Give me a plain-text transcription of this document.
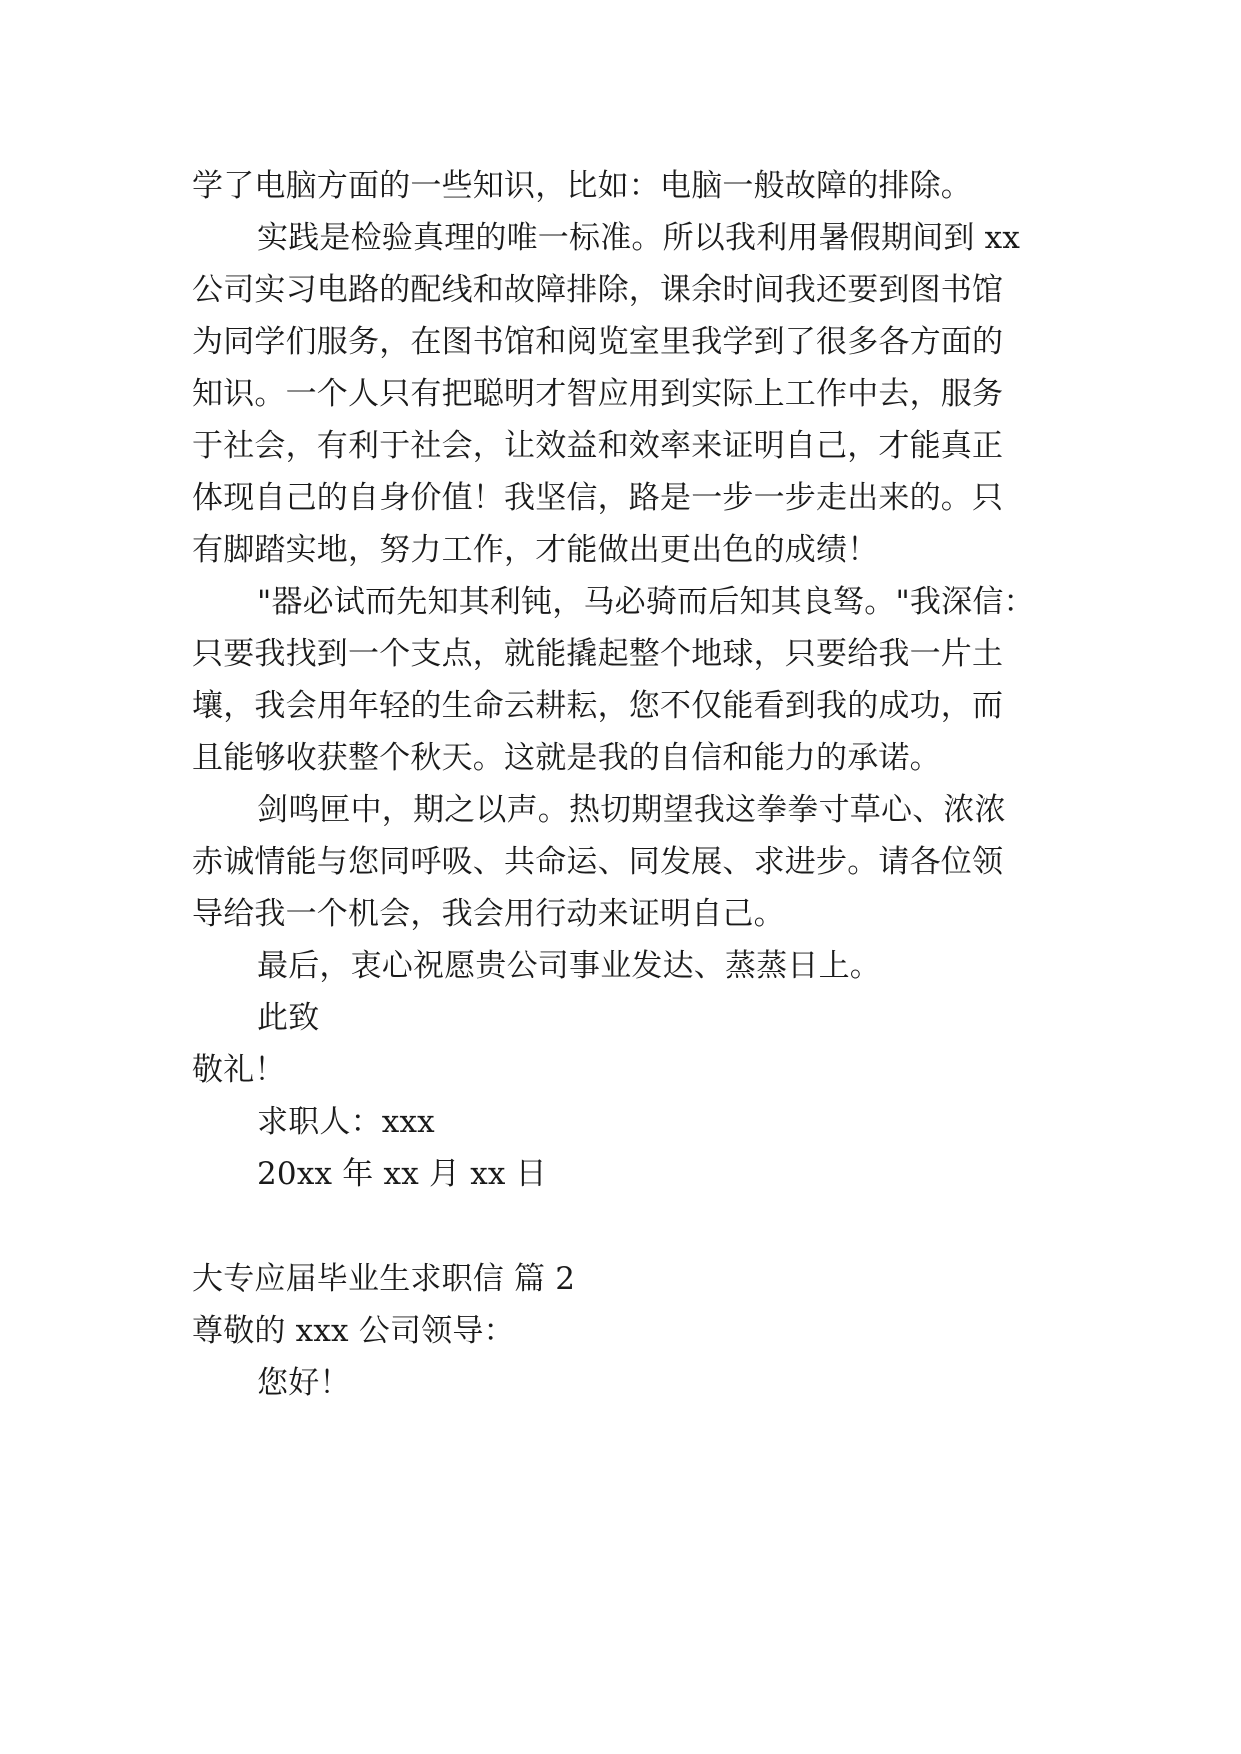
学了电脑方面的一些知识，比如：电脑一般故障的排除。
实践是检验真理的唯一标准。所以我利用暑假期间到 xx
公司实习电路的配线和故障排除，课余时间我还要到图书馆
为同学们服务，在图书馆和阅览室里我学到了很多各方面的
知识。一个人只有把聪明才智应用到实际上工作中去，服务
于社会，有利于社会，让效益和效率来证明自己，才能真正
体现自己的自身价值！我坚信，路是一步一步走出来的。只
有脚踏实地，努力工作，才能做出更出色的成绩！
"器必试而先知其利钝，马必骑而后知其良驽。"我深信：
只要我找到一个支点，就能撬起整个地球，只要给我一片土
壤，我会用年轻的生命云耕耘，您不仅能看到我的成功，而
且能够收获整个秋天。这就是我的自信和能力的承诺。
剑鸣匣中，期之以声。热切期望我这拳拳寸草心、浓浓
赤诚情能与您同呼吸、共命运、同发展、求进步。请各位领
导给我一个机会，我会用行动来证明自己。
最后，衷心祝愿贵公司事业发达、蒸蒸日上。
此致
敬礼！
求职人：xxx
20xx 年 xx 月 xx 日
大专应届毕业生求职信 篇 2
尊敬的 xxx 公司领导：
您好！
